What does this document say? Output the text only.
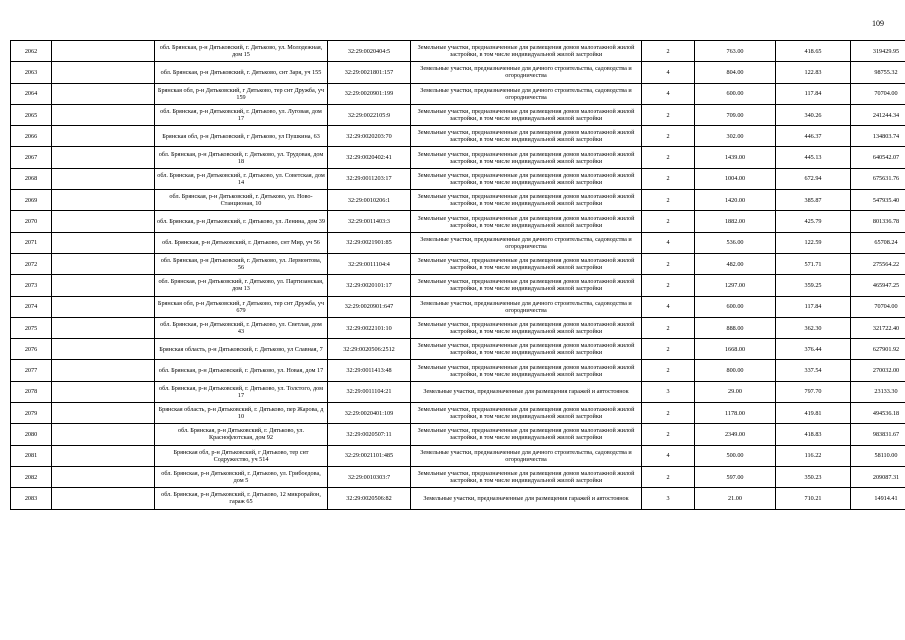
109
2062		обл. Брянская, р-н Дятьковский, г. Дятьково, ул. Молодежная, дом 15	32:29:0020404:5	Земельные участки, предназначенные для размещения домов малоэтажной жилой застройки, в том числе индивидуальной жилой застройки	2	763.00	418.65	319429.95
2063		обл. Брянская, р-н Дятьковский, г. Дятьково, снт Заря, уч 155	32:29:0021801:157	Земельные участки, предназначенные для дачного строительства, садоводства и огородничества	4	804.00	122.83	98755.32
2064		Брянская обл, р-н Дятьковский, г Дятьково, тер снт Дружба, уч 159	32:29:0020901:199	Земельные участки, предназначенные для дачного строительства, садоводства и огородничества	4	600.00	117.84	70704.00
2065		обл. Брянская, р-н Дятьковский, г. Дятьково, ул. Луговая, дом 17	32:29:0022105:9	Земельные участки, предназначенные для размещения домов малоэтажной жилой застройки, в том числе индивидуальной жилой застройки	2	709.00	340.26	241244.34
2066		Брянская обл, р-н Дятьковский, г Дятьково, ул Пушкина, 63	32:29:0020203:70	Земельные участки, предназначенные для размещения домов малоэтажной жилой застройки, в том числе индивидуальной жилой застройки	2	302.00	446.37	134803.74
2067		обл. Брянская, р-н Дятьковский, г. Дятьково, ул. Трудовая, дом 18	32:29:0020402:41	Земельные участки, предназначенные для размещения домов малоэтажной жилой застройки, в том числе индивидуальной жилой застройки	2	1439.00	445.13	640542.07
2068		обл. Брянская, р-н Дятьковский, г. Дятьково, ул. Советская, дом 14	32:29:0011203:17	Земельные участки, предназначенные для размещения домов малоэтажной жилой застройки, в том числе индивидуальной жилой застройки	2	1004.00	672.94	675631.76
2069		обл. Брянская, р-н Дятьковский, г. Дятьково, ул. Ново-Станционая, 10	32:29:0010206:1	Земельные участки, предназначенные для размещения домов малоэтажной жилой застройки, в том числе индивидуальной жилой застройки	2	1420.00	385.87	547935.40
2070		обл. Брянская, р-н Дятьковский, г. Дятьково, ул. Ленина, дом 39	32:29:0011403:3	Земельные участки, предназначенные для размещения домов малоэтажной жилой застройки, в том числе индивидуальной жилой застройки	2	1882.00	425.79	801336.78
2071		обл. Брянская, р-н Дятьковский, г. Дятьково, снт Мир, уч 56	32:29:0021901:85	Земельные участки, предназначенные для дачного строительства, садоводства и огородничества	4	536.00	122.59	65708.24
2072		обл. Брянская, р-н Дятьковский, г. Дятьково, ул. Лермонтова, 56	32:29:0011104:4	Земельные участки, предназначенные для размещения домов малоэтажной жилой застройки, в том числе индивидуальной жилой застройки	2	482.00	571.71	275564.22
2073		обл. Брянская, р-н Дятьковский, г. Дятьково, ул. Партизанская, дом 13	32:29:0020101:17	Земельные участки, предназначенные для размещения домов малоэтажной жилой застройки, в том числе индивидуальной жилой застройки	2	1297.00	359.25	465947.25
2074		Брянская обл, р-н Дятьковский, г Дятьково, тер снт Дружба, уч 679	32:29:0020901:647	Земельные участки, предназначенные для дачного строительства, садоводства и огородничества	4	600.00	117.84	70704.00
2075		обл. Брянская, р-н Дятьковский, г. Дятьково, ул. Светлая, дом 43	32:29:0022101:10	Земельные участки, предназначенные для размещения домов малоэтажной жилой застройки, в том числе индивидуальной жилой застройки	2	888.00	362.30	321722.40
2076		Брянская область, р-н Дятьковский, г. Дятьково, ул Славная, 7	32:29:0020506:2512	Земельные участки, предназначенные для размещения домов малоэтажной жилой застройки, в том числе индивидуальной жилой застройки	2	1668.00	376.44	627901.92
2077		обл. Брянская, р-н Дятьковский, г. Дятьково, ул. Новая, дом 17	32:29:0011413:48	Земельные участки, предназначенные для размещения домов малоэтажной жилой застройки, в том числе индивидуальной жилой застройки	2	800.00	337.54	270032.00
2078		обл. Брянская, р-н Дятьковский, г. Дятьково, ул. Толстого, дом 17	32:29:0011104:21	Земельные участки, предназначенные для размещения гаражей и автостоянок	3	29.00	797.70	23133.30
2079		Брянская область, р-н Дятьковский, г. Дятьково, пер Жарова, д 10	32:29:0020401:109	Земельные участки, предназначенные для размещения домов малоэтажной жилой застройки, в том числе индивидуальной жилой застройки	2	1178.00	419.81	494536.18
2080		обл. Брянская, р-н Дятьковский, г. Дятьково, ул. Краснофлотская, дом 92	32:29:0020507:11	Земельные участки, предназначенные для размещения домов малоэтажной жилой застройки, в том числе индивидуальной жилой застройки	2	2349.00	418.83	983831.67
2081		Брянская обл, р-н Дятьковский, г Дятьково, тер снт Содружество, уч 514	32:29:0021101:485	Земельные участки, предназначенные для дачного строительства, садоводства и огородничества	4	500.00	116.22	58110.00
2082		обл. Брянская, р-н Дятьковский, г. Дятьково, ул. Грибоедова, дом 5	32:29:0010303:7	Земельные участки, предназначенные для размещения домов малоэтажной жилой застройки, в том числе индивидуальной жилой застройки	2	597.00	350.23	209087.31
2083		обл. Брянская, р-н Дятьковский, г. Дятьково, 12 микрорайон, гараж 65	32:29:0020506:82	Земельные участки, предназначенные для размещения гаражей и автостоянок	3	21.00	710.21	14914.41
